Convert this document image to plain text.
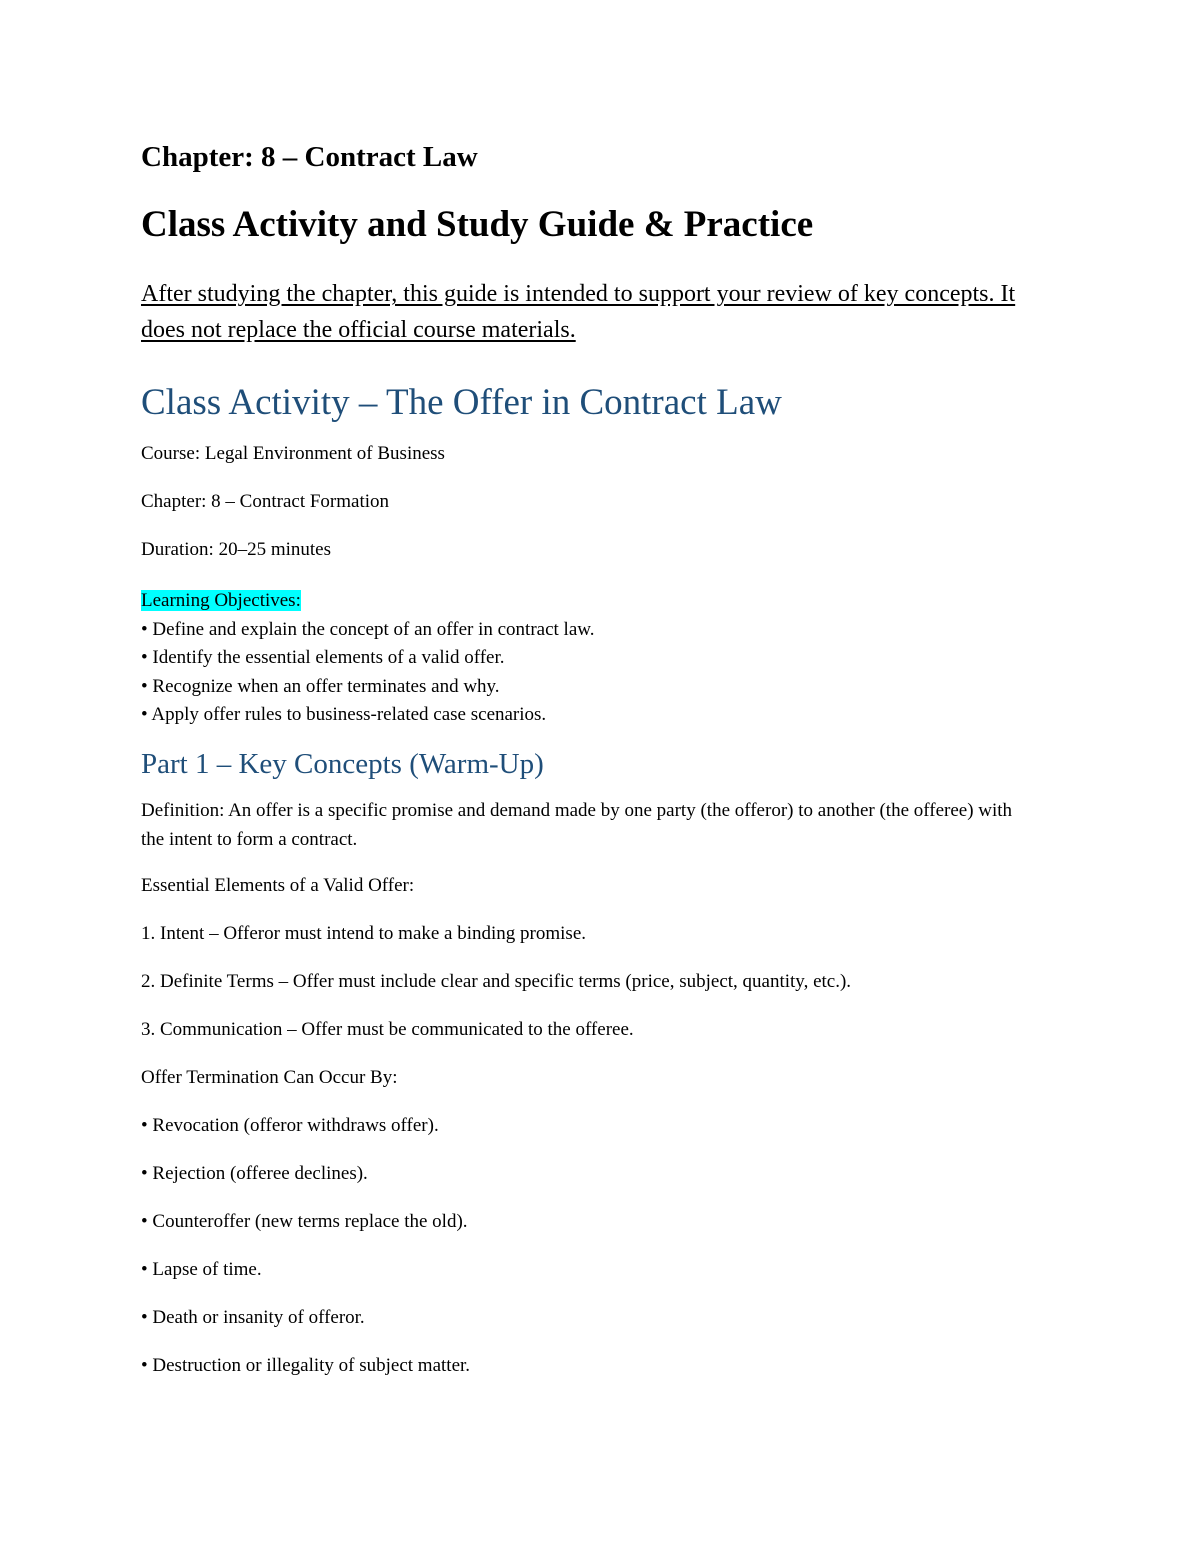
Chapter: 8 – Contract Law
Class Activity and Study Guide & Practice
After studying the chapter, this guide is intended to support your review of key concepts. It does not replace the official course materials.
Class Activity – The Offer in Contract Law
Course: Legal Environment of Business
Chapter: 8 – Contract Formation
Duration: 20–25 minutes
Learning Objectives:
• Define and explain the concept of an offer in contract law.
• Identify the essential elements of a valid offer.
• Recognize when an offer terminates and why.
• Apply offer rules to business-related case scenarios.
Part 1 – Key Concepts (Warm-Up)
Definition: An offer is a specific promise and demand made by one party (the offeror) to another (the offeree) with the intent to form a contract.
Essential Elements of a Valid Offer:
1. Intent – Offeror must intend to make a binding promise.
2. Definite Terms – Offer must include clear and specific terms (price, subject, quantity, etc.).
3. Communication – Offer must be communicated to the offeree.
Offer Termination Can Occur By:
• Revocation (offeror withdraws offer).
• Rejection (offeree declines).
• Counteroffer (new terms replace the old).
• Lapse of time.
• Death or insanity of offeror.
• Destruction or illegality of subject matter.
